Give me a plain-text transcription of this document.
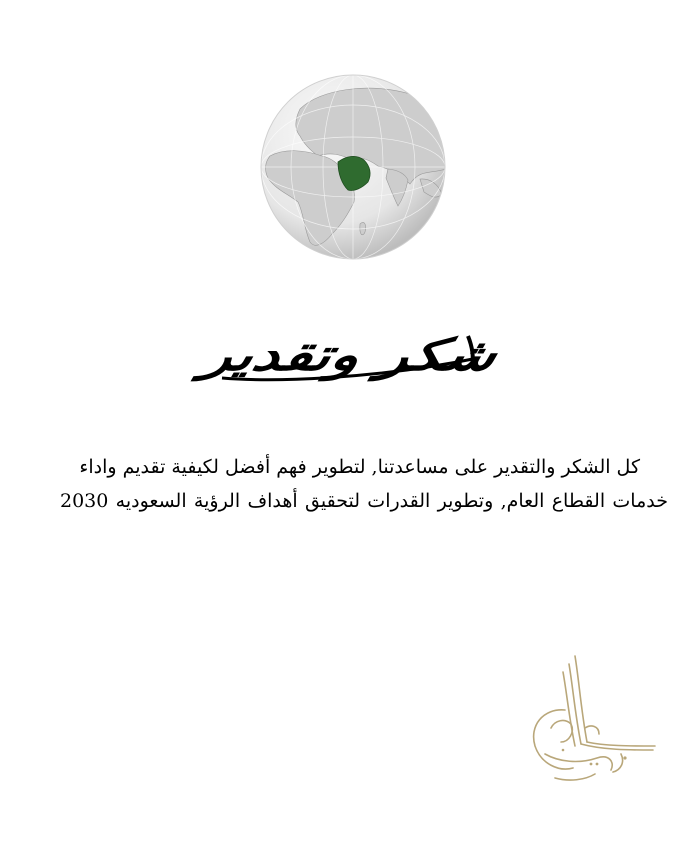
شكر وتقدير
كل الشكر والتقدير على مساعدتنا, لتطوير فهم أفضل لكيفية تقديم واداء
خدمات القطاع العام, وتطوير القدرات لتحقيق أهداف الرؤية السعوديه 2030
